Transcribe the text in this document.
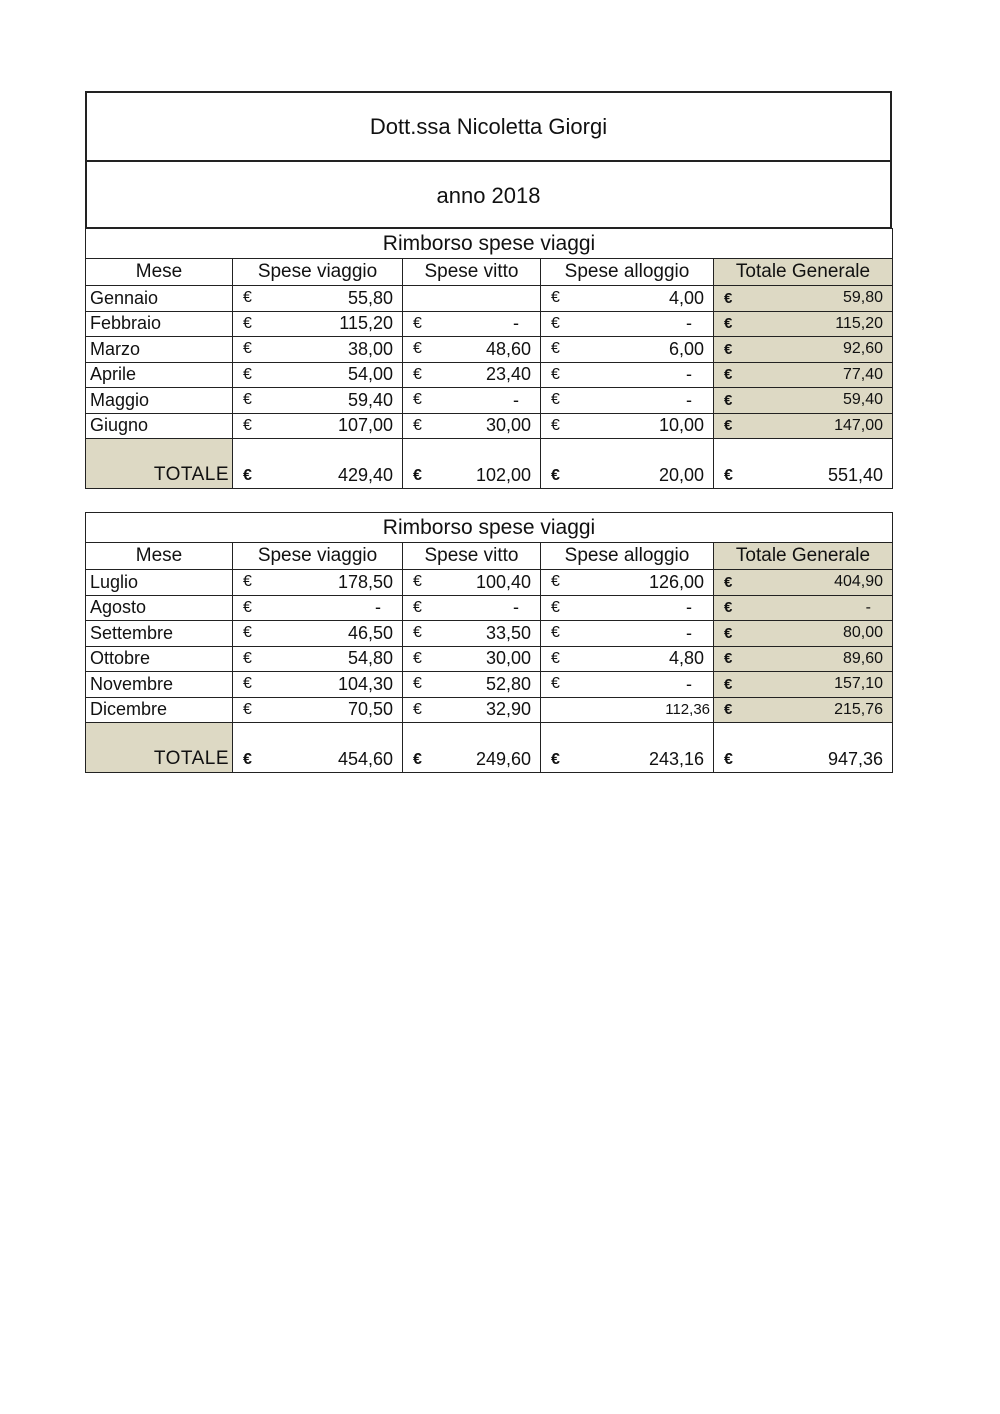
Dott.ssa Nicoletta Giorgi
anno 2018
Rimborso spese viaggi				
Mese	Spese viaggio	Spese vitto	Spese alloggio	Totale Generale
Gennaio	€ 55,80		€ 4,00	€ 59,80

Febbraio	€ 115,20	€ -	€ -	€ 115,20

Marzo	€ 38,00	€ 48,60	€ 6,00	€ 92,60

Aprile	€ 54,00	€ 23,40	€ -	€ 77,40

Maggio	€ 59,40	€ -	€ -	€ 59,40

Giugno	€ 107,00	€ 30,00	€ 10,00	€ 147,00

TOTALE	€ 429,40	€ 102,00	€ 20,00	€ 551,40
Rimborso spese viaggi				
Mese	Spese viaggio	Spese vitto	Spese alloggio	Totale Generale
Luglio	€ 178,50	€ 100,40	€ 126,00	€ 404,90

Agosto	€ -	€ -	€ -	€ -

Settembre	€ 46,50	€ 33,50	€ -	€ 80,00

Ottobre	€ 54,80	€ 30,00	€ 4,80	€ 89,60

Novembre	€ 104,30	€ 52,80	€ -	€ 157,10

Dicembre	€ 70,50	€ 32,90	112,36	€ 215,76

TOTALE	€ 454,60	€ 249,60	€ 243,16	€ 947,36
